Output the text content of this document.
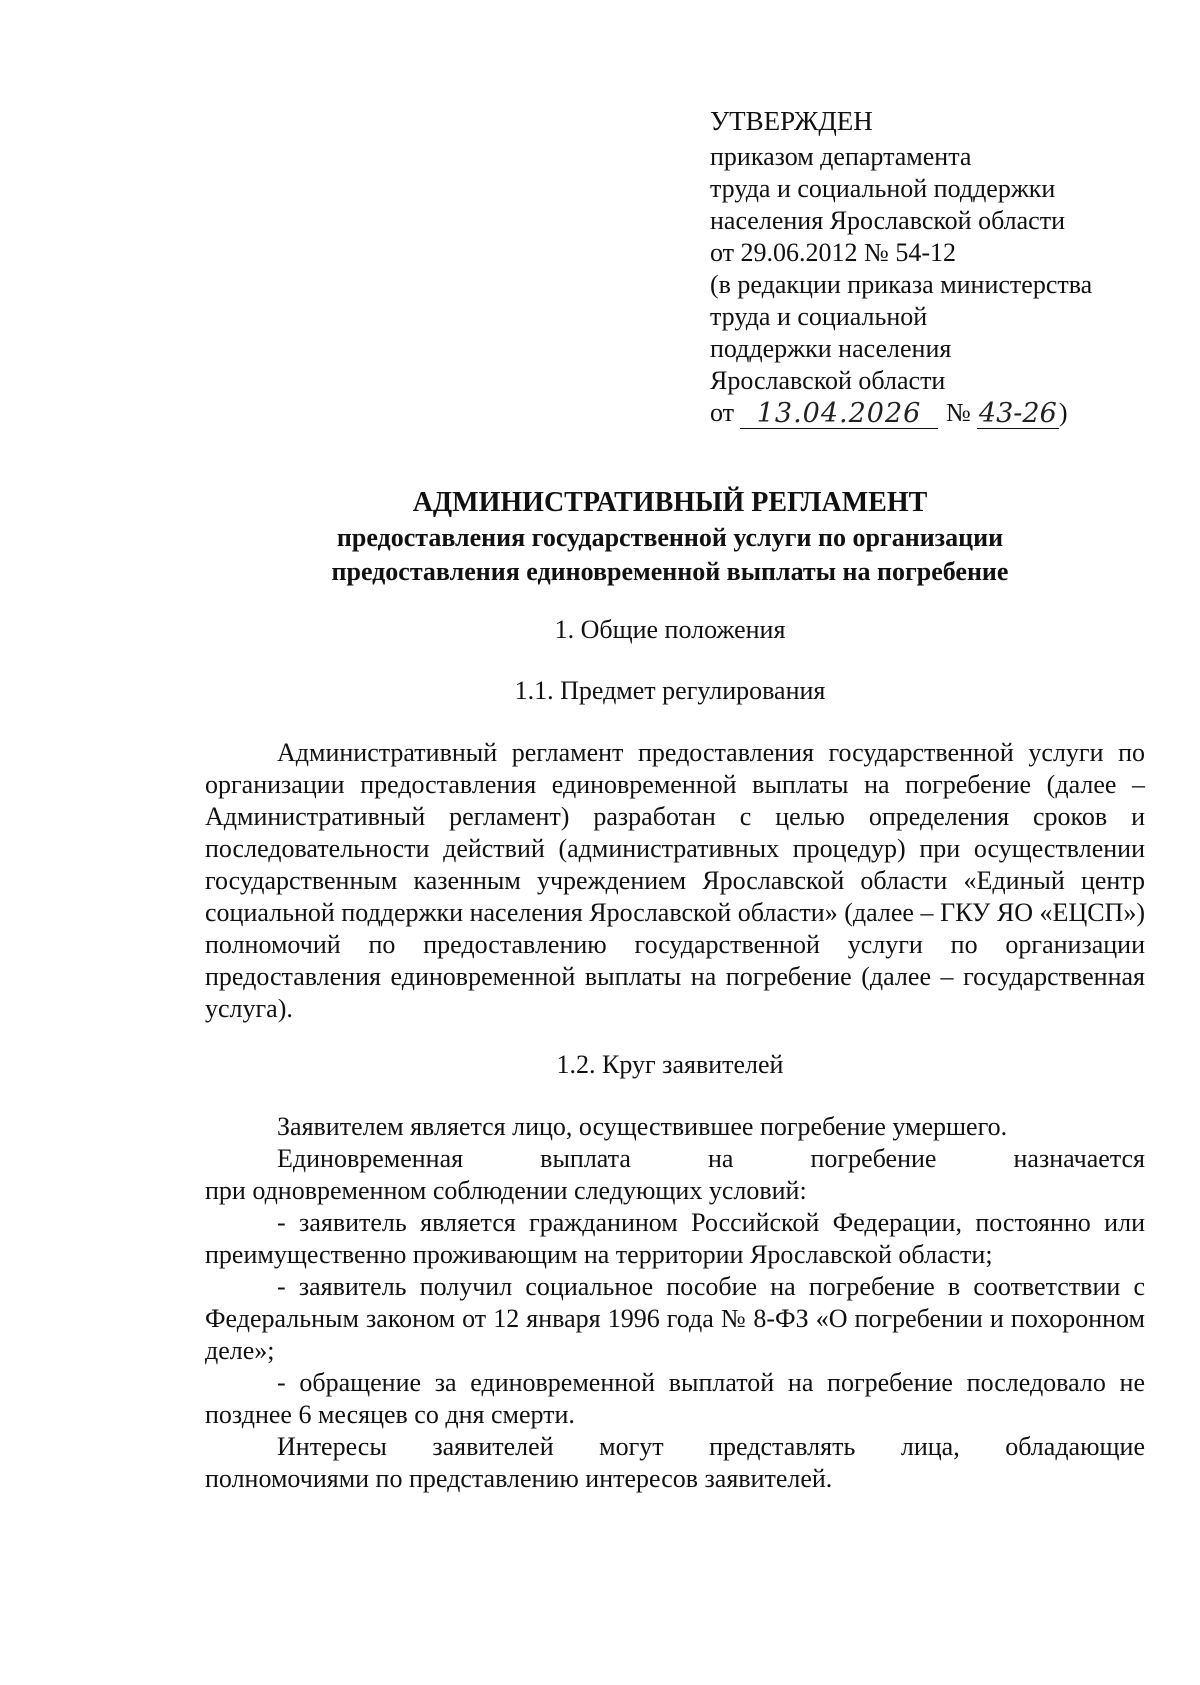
УТВЕРЖДЕН
приказом департамента
труда и социальной поддержки
населения Ярославской области
от 29.06.2012 № 54-12
(в редакции приказа министерства
труда и социальной
поддержки населения
Ярославской области
от 13.04.2026 № 43-26 )
АДМИНИСТРАТИВНЫЙ РЕГЛАМЕНТ
предоставления государственной услуги по организации
предоставления единовременной выплаты на погребение
1. Общие положения
1.1. Предмет регулирования

Административный регламент предоставления государственной услуги по организации предоставления единовременной выплаты на погребение (далее – Административный регламент) разработан с целью определения сроков и последовательности действий (административных процедур) при осуществлении государственным казенным учреждением Ярославской области «Единый центр социальной поддержки населения Ярославской области» (далее – ГКУ ЯО «ЕЦСП») полномочий по предоставлению государственной услуги по организации предоставления единовременной выплаты на погребение (далее – государственная услуга).

1.2. Круг заявителей

Заявителем является лицо, осуществившее погребение умершего.

Единовременная выплата на погребение назначается

при одновременном соблюдении следующих условий:

- заявитель является гражданином Российской Федерации, постоянно или преимущественно проживающим на территории Ярославской области;

- заявитель получил социальное пособие на погребение в соответствии с Федеральным законом от 12 января 1996 года № 8-ФЗ «О погребении и похоронном деле»;

- обращение за единовременной выплатой на погребение последовало не позднее 6 месяцев со дня смерти.

Интересы заявителей могут представлять лица, обладающие

полномочиями по представлению интересов заявителей.
